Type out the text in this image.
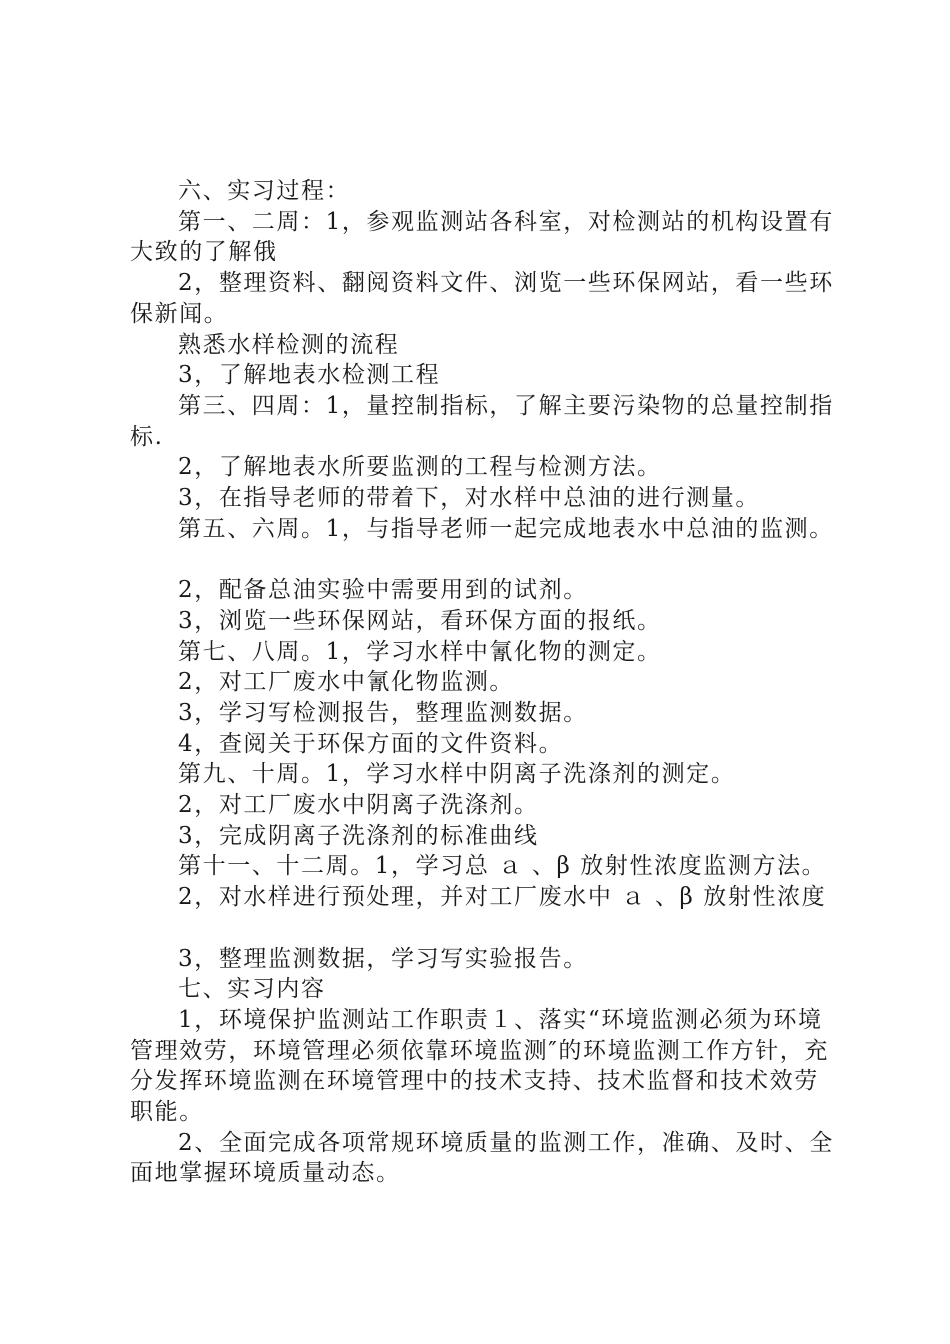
六、实习过程：

第一、二周：1，参观监测站各科室，对检测站的机构设置有大致的了解俄

2，整理资料、翻阅资料文件、浏览一些环保网站，看一些环保新闻。

熟悉水样检测的流程

3，了解地表水检测工程

第三、四周：1，量控制指标，了解主要污染物的总量控制指标.

2，了解地表水所要监测的工程与检测方法。

3，在指导老师的带着下，对水样中总油的进行测量。

第五、六周。1，与指导老师一起完成地表水中总油的监测。

2，配备总油实验中需要用到的试剂。

3，浏览一些环保网站，看环保方面的报纸。

第七、八周。1，学习水样中氰化物的测定。

2，对工厂废水中氰化物监测。

3，学习写检测报告，整理监测数据。

4，查阅关于环保方面的文件资料。

第九、十周。1，学习水样中阴离子洗涤剂的测定。

2，对工厂废水中阴离子洗涤剂。

3，完成阴离子洗涤剂的标准曲线

第十一、十二周。1，学习总 ａ 、β 放射性浓度监测方法。

2，对水样进行预处理，并对工厂废水中 ａ 、β 放射性浓度

3，整理监测数据，学习写实验报告。

七、实习内容

1，环境保护监测站工作职责１、落实“环境监测必须为环境管理效劳，环境管理必须依靠环境监测″的环境监测工作方针，充分发挥环境监测在环境管理中的技术支持、技术监督和技术效劳职能。

2、全面完成各项常规环境质量的监测工作，准确、及时、全面地掌握环境质量动态。
